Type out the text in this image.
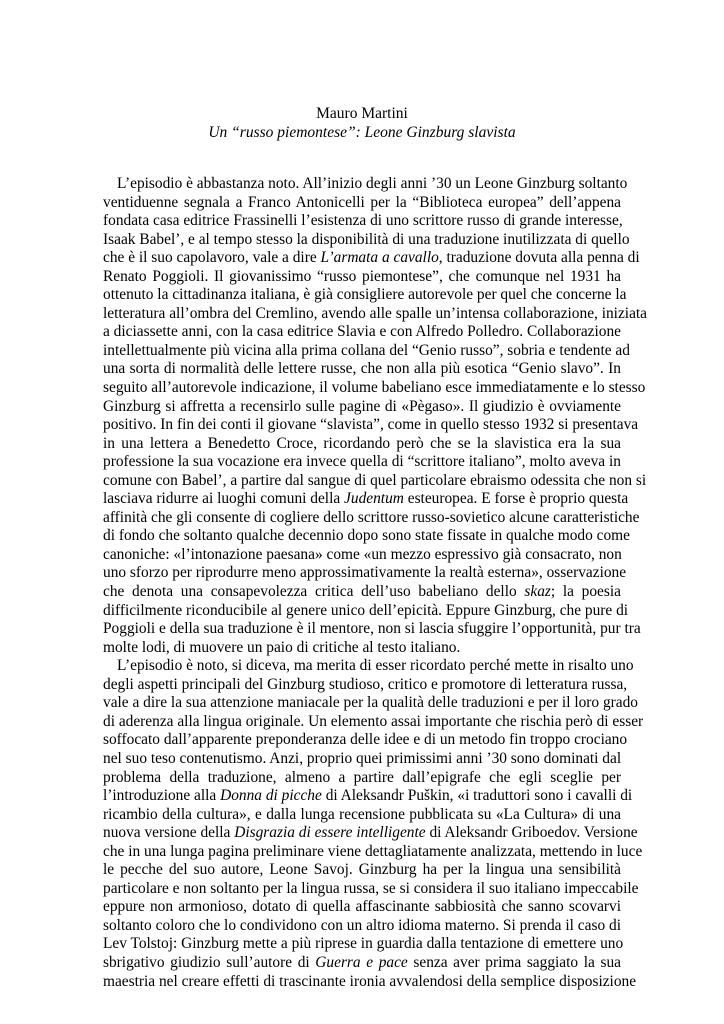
Mauro Martini
Un “russo piemontese”: Leone Ginzburg slavista

L’episodio è abbastanza noto. All’inizio degli anni ’30 un Leone Ginzburg soltanto
ventiduenne segnala a Franco Antonicelli per la “Biblioteca europea” dell’appena
fondata casa editrice Frassinelli l’esistenza di uno scrittore russo di grande interesse,
Isaak Babel’, e al tempo stesso la disponibilità di una traduzione inutilizzata di quello
che è il suo capolavoro, vale a dire L’armata a cavallo, traduzione dovuta alla penna di
Renato Poggioli. Il giovanissimo “russo piemontese”, che comunque nel 1931 ha
ottenuto la cittadinanza italiana, è già consigliere autorevole per quel che concerne la
letteratura all’ombra del Cremlino, avendo alle spalle un’intensa collaborazione, iniziata
a diciassette anni, con la casa editrice Slavia e con Alfredo Polledro. Collaborazione
intellettualmente più vicina alla prima collana del “Genio russo”, sobria e tendente ad
una sorta di normalità delle lettere russe, che non alla più esotica “Genio slavo”. In
seguito all’autorevole indicazione, il volume babeliano esce immediatamente e lo stesso
Ginzburg si affretta a recensirlo sulle pagine di «Pègaso». Il giudizio è ovviamente
positivo. In fin dei conti il giovane “slavista”, come in quello stesso 1932 si presentava
in una lettera a Benedetto Croce, ricordando però che se la slavistica era la sua
professione la sua vocazione era invece quella di “scrittore italiano”, molto aveva in
comune con Babel’, a partire dal sangue di quel particolare ebraismo odessita che non si
lasciava ridurre ai luoghi comuni della Judentum esteuropea. E forse è proprio questa
affinità che gli consente di cogliere dello scrittore russo-sovietico alcune caratteristiche
di fondo che soltanto qualche decennio dopo sono state fissate in qualche modo come
canoniche: «l’intonazione paesana» come «un mezzo espressivo già consacrato, non
uno sforzo per riprodurre meno approssimativamente la realtà esterna», osservazione
che denota una consapevolezza critica dell’uso babeliano dello skaz; la poesia
difficilmente riconducibile al genere unico dell’epicità. Eppure Ginzburg, che pure di
Poggioli e della sua traduzione è il mentore, non si lascia sfuggire l’opportunità, pur tra
molte lodi, di muovere un paio di critiche al testo italiano.

L’episodio è noto, si diceva, ma merita di esser ricordato perché mette in risalto uno
degli aspetti principali del Ginzburg studioso, critico e promotore di letteratura russa,
vale a dire la sua attenzione maniacale per la qualità delle traduzioni e per il loro grado
di aderenza alla lingua originale. Un elemento assai importante che rischia però di esser
soffocato dall’apparente preponderanza delle idee e di un metodo fin troppo crociano
nel suo teso contenutismo. Anzi, proprio quei primissimi anni ’30 sono dominati dal
problema della traduzione, almeno a partire dall’epigrafe che egli sceglie per
l’introduzione alla Donna di picche di Aleksandr Puškin, «i traduttori sono i cavalli di
ricambio della cultura», e dalla lunga recensione pubblicata su «La Cultura» di una
nuova versione della Disgrazia di essere intelligente di Aleksandr Griboedov. Versione
che in una lunga pagina preliminare viene dettagliatamente analizzata, mettendo in luce
le pecche del suo autore, Leone Savoj. Ginzburg ha per la lingua una sensibilità
particolare e non soltanto per la lingua russa, se si considera il suo italiano impeccabile
eppure non armonioso, dotato di quella affascinante sabbiosità che sanno scovarvi
soltanto coloro che lo condividono con un altro idioma materno. Si prenda il caso di
Lev Tolstoj: Ginzburg mette a più riprese in guardia dalla tentazione di emettere uno
sbrigativo giudizio sull’autore di Guerra e pace senza aver prima saggiato la sua
maestria nel creare effetti di trascinante ironia avvalendosi della semplice disposizione
